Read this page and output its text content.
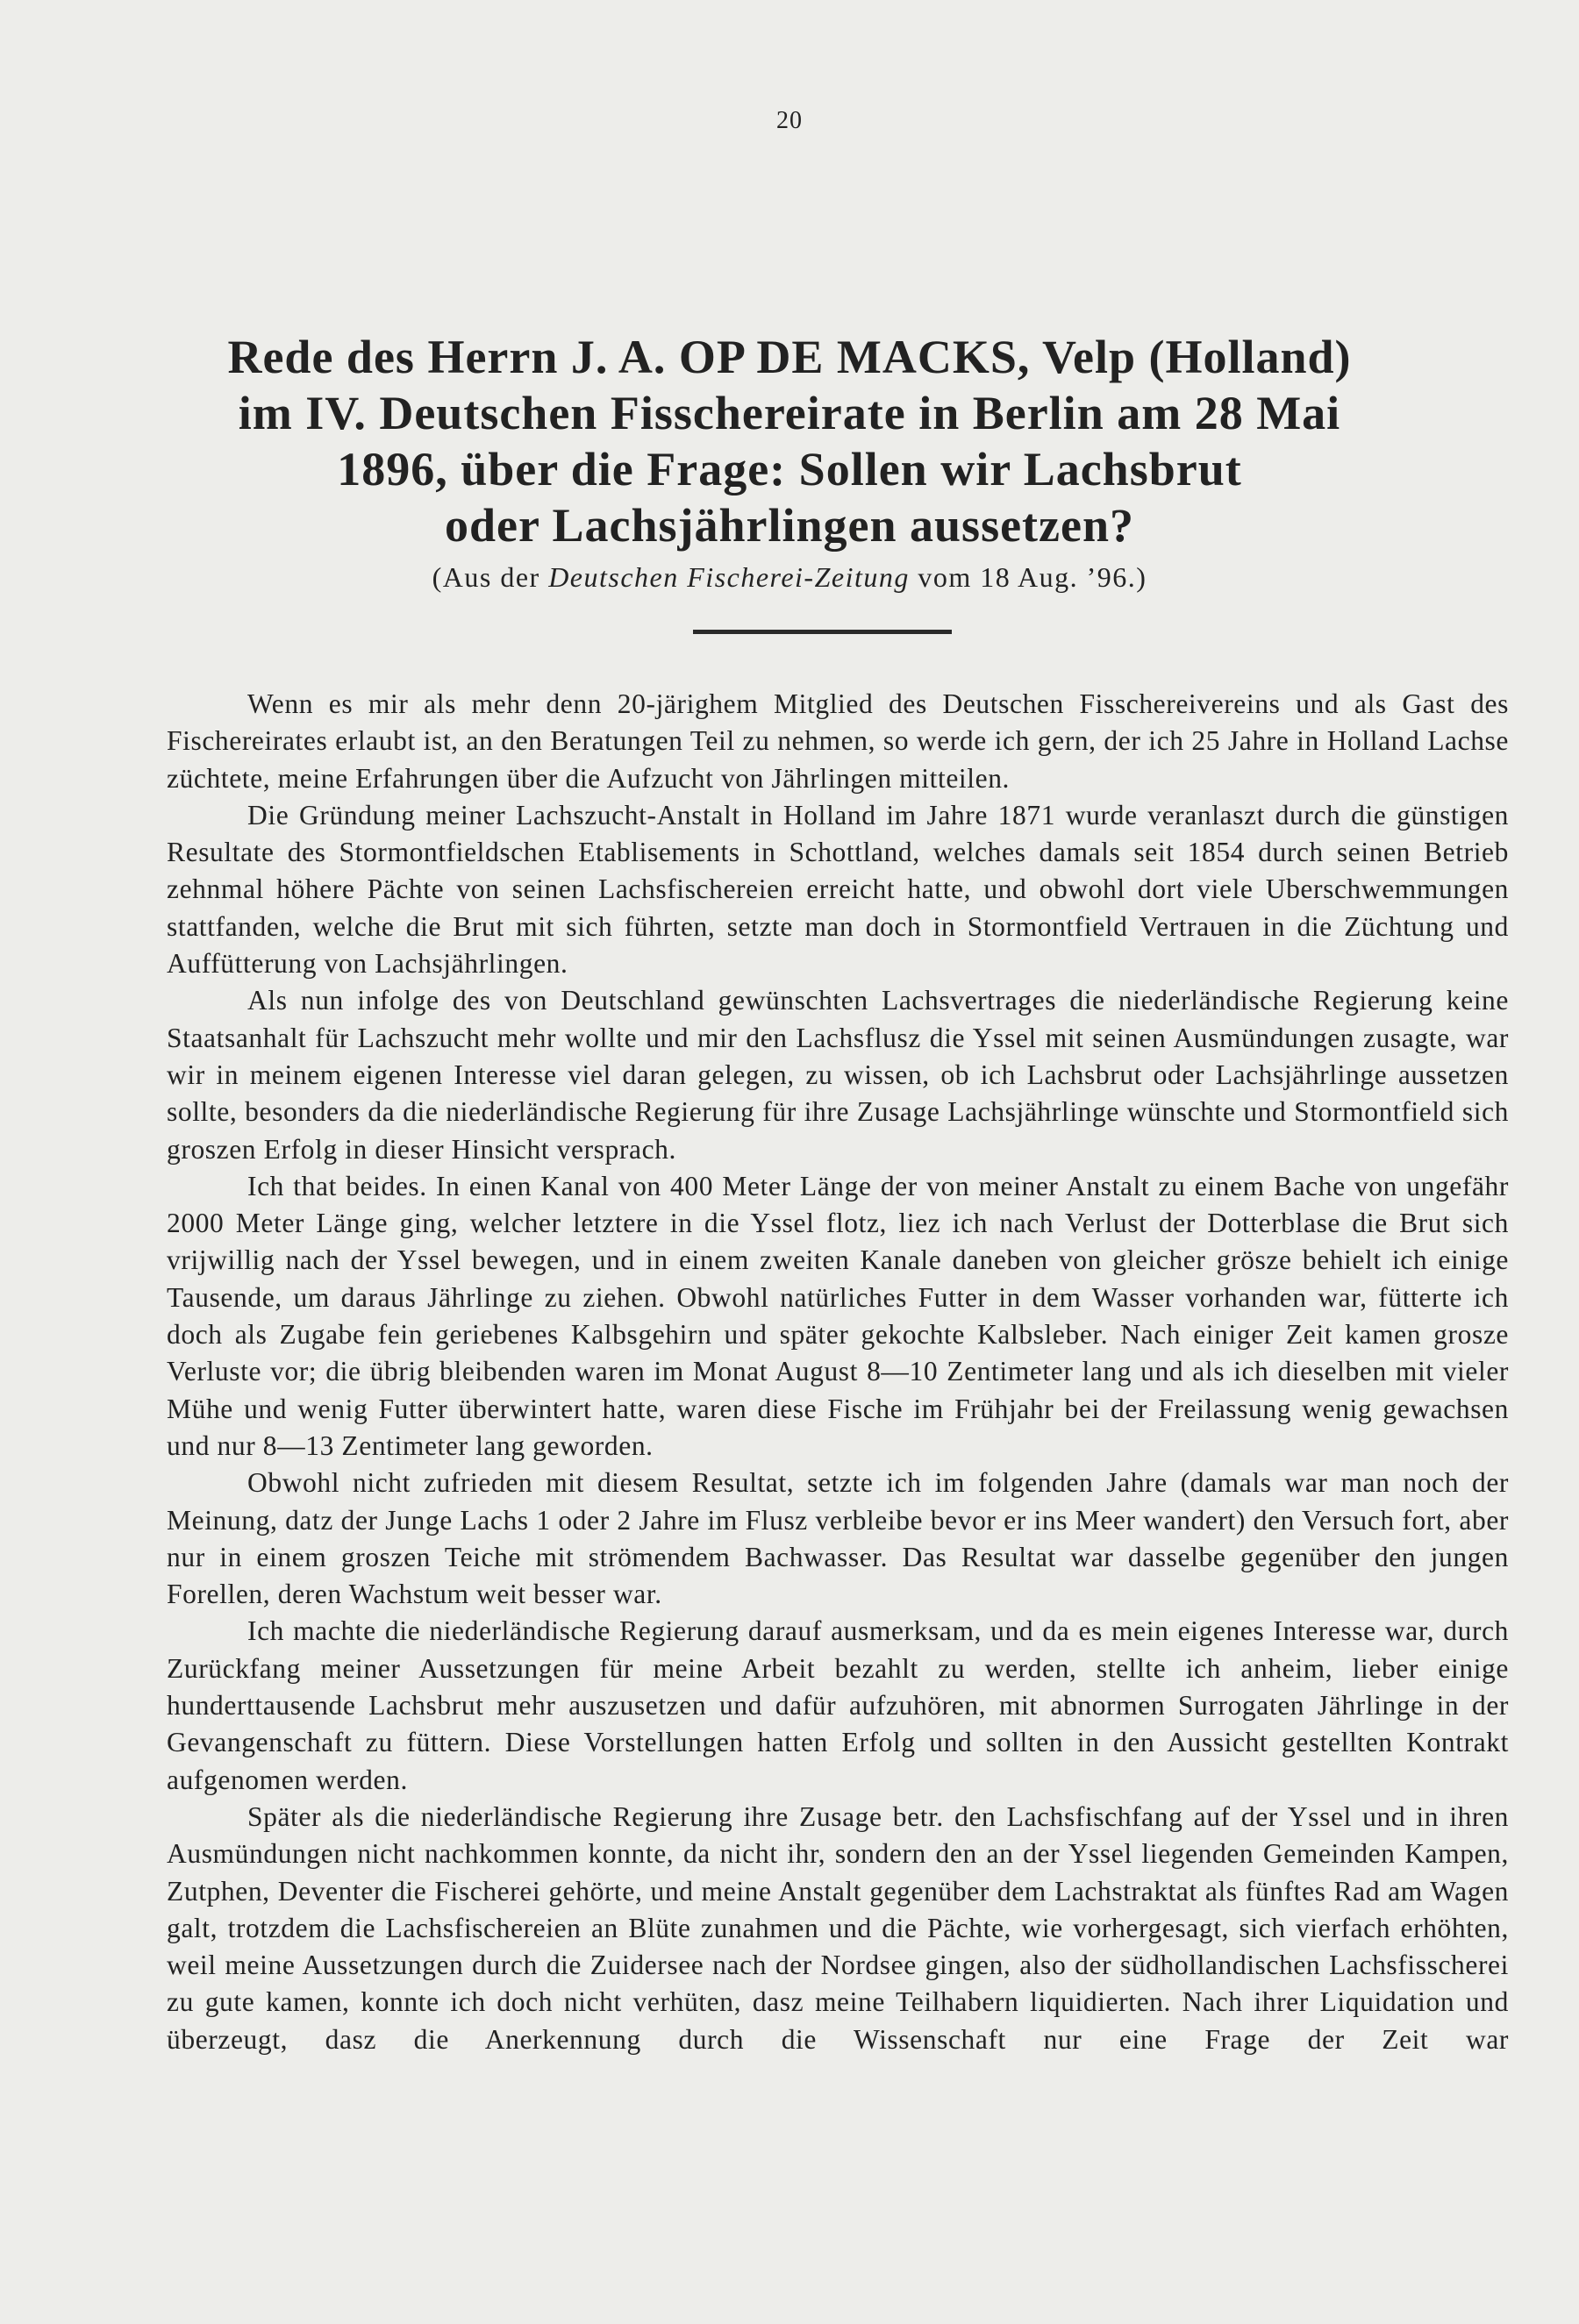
20
Rede des Herrn J. A. OP DE MACKS, Velp (Holland)
im IV. Deutschen Fisschereirate in Berlin am 28 Mai
1896, über die Frage: Sollen wir Lachsbrut
oder Lachsjährlingen aussetzen?
(Aus der Deutschen Fischerei-Zeitung vom 18 Aug. ’96.)

Wenn es mir als mehr denn 20-järighem Mitglied des Deutschen Fisschereivereins und als Gast des Fischereirates erlaubt ist, an den Beratungen Teil zu nehmen, so werde ich gern, der ich 25 Jahre in Holland Lachse züchtete, meine Erfahrungen über die Aufzucht von Jährlingen mitteilen.

Die Gründung meiner Lachszucht-Anstalt in Holland im Jahre 1871 wurde veranlaszt durch die günstigen Resultate des Stormontfieldschen Etablisements in Schottland, welches damals seit 1854 durch seinen Betrieb zehnmal höhere Pächte von seinen Lachsfischereien erreicht hatte, und obwohl dort viele Uberschwemmungen stattfanden, welche die Brut mit sich führten, setzte man doch in Stormontfield Vertrauen in die Züchtung und Auffütterung von Lachsjährlingen.

Als nun infolge des von Deutschland gewünschten Lachsvertrages die niederländische Regierung keine Staatsanhalt für Lachszucht mehr wollte und mir den Lachsflusz die Yssel mit seinen Ausmündungen zusagte, war wir in meinem eigenen Interesse viel daran gelegen, zu wissen, ob ich Lachsbrut oder Lachsjährlinge aussetzen sollte, besonders da die niederländische Regierung für ihre Zusage Lachsjährlinge wünschte und Stormontfield sich groszen Erfolg in dieser Hinsicht versprach.

Ich that beides. In einen Kanal von 400 Meter Länge der von meiner Anstalt zu einem Bache von ungefähr 2000 Meter Länge ging, welcher letztere in die Yssel flotz, liez ich nach Verlust der Dotterblase die Brut sich vrijwillig nach der Yssel bewegen, und in einem zweiten Kanale daneben von gleicher grösze behielt ich einige Tausende, um daraus Jährlinge zu ziehen. Obwohl natürliches Futter in dem Wasser vorhanden war, fütterte ich doch als Zugabe fein geriebenes Kalbsgehirn und später gekochte Kalbsleber. Nach einiger Zeit kamen grosze Verluste vor; die übrig bleibenden waren im Monat August 8—10 Zentimeter lang und als ich dieselben mit vieler Mühe und wenig Futter überwintert hatte, waren diese Fische im Frühjahr bei der Freilassung wenig gewachsen und nur 8—13 Zentimeter lang geworden.

Obwohl nicht zufrieden mit diesem Resultat, setzte ich im folgenden Jahre (damals war man noch der Meinung, datz der Junge Lachs 1 oder 2 Jahre im Flusz verbleibe bevor er ins Meer wandert) den Versuch fort, aber nur in einem groszen Teiche mit strömendem Bachwasser. Das Resultat war dasselbe gegenüber den jungen Forellen, deren Wachstum weit besser war.

Ich machte die niederländische Regierung darauf ausmerksam, und da es mein eigenes Interesse war, durch Zurückfang meiner Aussetzungen für meine Arbeit bezahlt zu werden, stellte ich anheim, lieber einige hunderttausende Lachsbrut mehr auszusetzen und dafür aufzuhören, mit abnormen Surrogaten Jährlinge in der Gevangenschaft zu füttern. Diese Vorstellungen hatten Erfolg und sollten in den Aussicht gestellten Kontrakt aufgenomen werden.

Später als die niederländische Regierung ihre Zusage betr. den Lachsfischfang auf der Yssel und in ihren Ausmündungen nicht nachkommen konnte, da nicht ihr, sondern den an der Yssel liegenden Gemeinden Kampen, Zutphen, Deventer die Fischerei gehörte, und meine Anstalt gegenüber dem Lachstraktat als fünftes Rad am Wagen galt, trotzdem die Lachsfischereien an Blüte zunahmen und die Pächte, wie vorhergesagt, sich vierfach erhöhten, weil meine Aussetzungen durch die Zuidersee nach der Nordsee gingen, also der südhollandischen Lachsfisscherei zu gute kamen, konnte ich doch nicht verhüten, dasz meine Teilhabern liquidierten. Nach ihrer Liquidation und überzeugt, dasz die Anerkennung durch die Wissenschaft nur eine Frage der Zeit war
